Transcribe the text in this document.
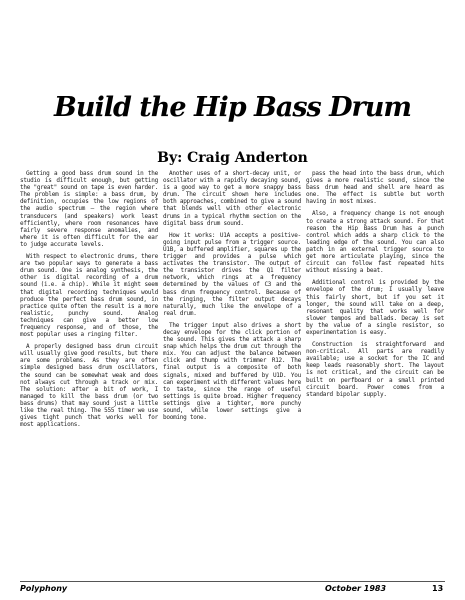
Build the Hip Bass Drum
By: Craig Anderton

Getting a good bass drum sound in the studio is difficult enough, but getting the "great" sound on tape is even harder. The problem is simple: a bass drum, by definition, occupies the low regions of the audio spectrum — the region where transducers (and speakers) work least efficiently, where room resonances have fairly severe response anomalies, and where it is often difficult for the ear to judge accurate levels.

With respect to electronic drums, there are two popular ways to generate a bass drum sound. One is analog synthesis, the other is digital recording of a drum sound (i.e. a chip). While it might seem that digital recording techniques would produce the perfect bass drum sound, in practice quite often the result is a more realistic, punchy sound. Analog techniques can give a better low frequency response, and of those, the most popular uses a ringing filter.

A properly designed bass drum circuit will usually give good results, but there are some problems. As they are often simple designed bass drum oscillators, the sound can be somewhat weak and does not always cut through a track or mix. The solution: after a bit of work, I managed to kill the bass drum (or two bass drums) that may sound just a little like the real thing. The 555 timer we use gives tight punch that works well for most applications.

Another uses of a short-decay unit, or oscillator with a rapidly decaying sound, is a good way to get a more snappy bass drum. The circuit shown here includes both approaches, combined to give a sound that blends well with other electronic drums in a typical rhythm section on the digital bass drum sound.

How it works: U1A accepts a positive-going input pulse from a trigger source. U1B, a buffered amplifier, squares up the trigger and provides a pulse which activates the transistor. The output of the transistor drives the Q1 filter network, which rings at a frequency determined by the values of C3 and the bass drum frequency control. Because of the ringing, the filter output decays naturally, much like the envelope of a real drum.

The trigger input also drives a short decay envelope for the click portion of the sound. This gives the attack a sharp snap which helps the drum cut through the mix. You can adjust the balance between click and thump with trimmer R12. The final output is a composite of both signals, mixed and buffered by U1D. You can experiment with different values here to taste, since the range of useful settings is quite broad. Higher frequency settings give a tighter, more punchy sound, while lower settings give a booming tone.

pass the head into the bass drum, which gives a more realistic sound, since the bass drum head and shell are heard as one. The effect is subtle but worth having in most mixes.

Also, a frequency change is not enough to create a strong attack sound. For that reason the Hip Bass Drum has a punch control which adds a sharp click to the leading edge of the sound. You can also patch in an external trigger source to get more articulate playing, since the circuit can follow fast repeated hits without missing a beat.

Additional control is provided by the envelope of the drum; I usually leave this fairly short, but if you set it longer, the sound will take on a deep, resonant quality that works well for slower tempos and ballads. Decay is set by the value of a single resistor, so experimentation is easy.

Construction is straightforward and non-critical. All parts are readily available; use a socket for the IC and keep leads reasonably short. The layout is not critical, and the circuit can be built on perfboard or a small printed circuit board. Power comes from a standard bipolar supply.

Polyphony	October 1983	13
